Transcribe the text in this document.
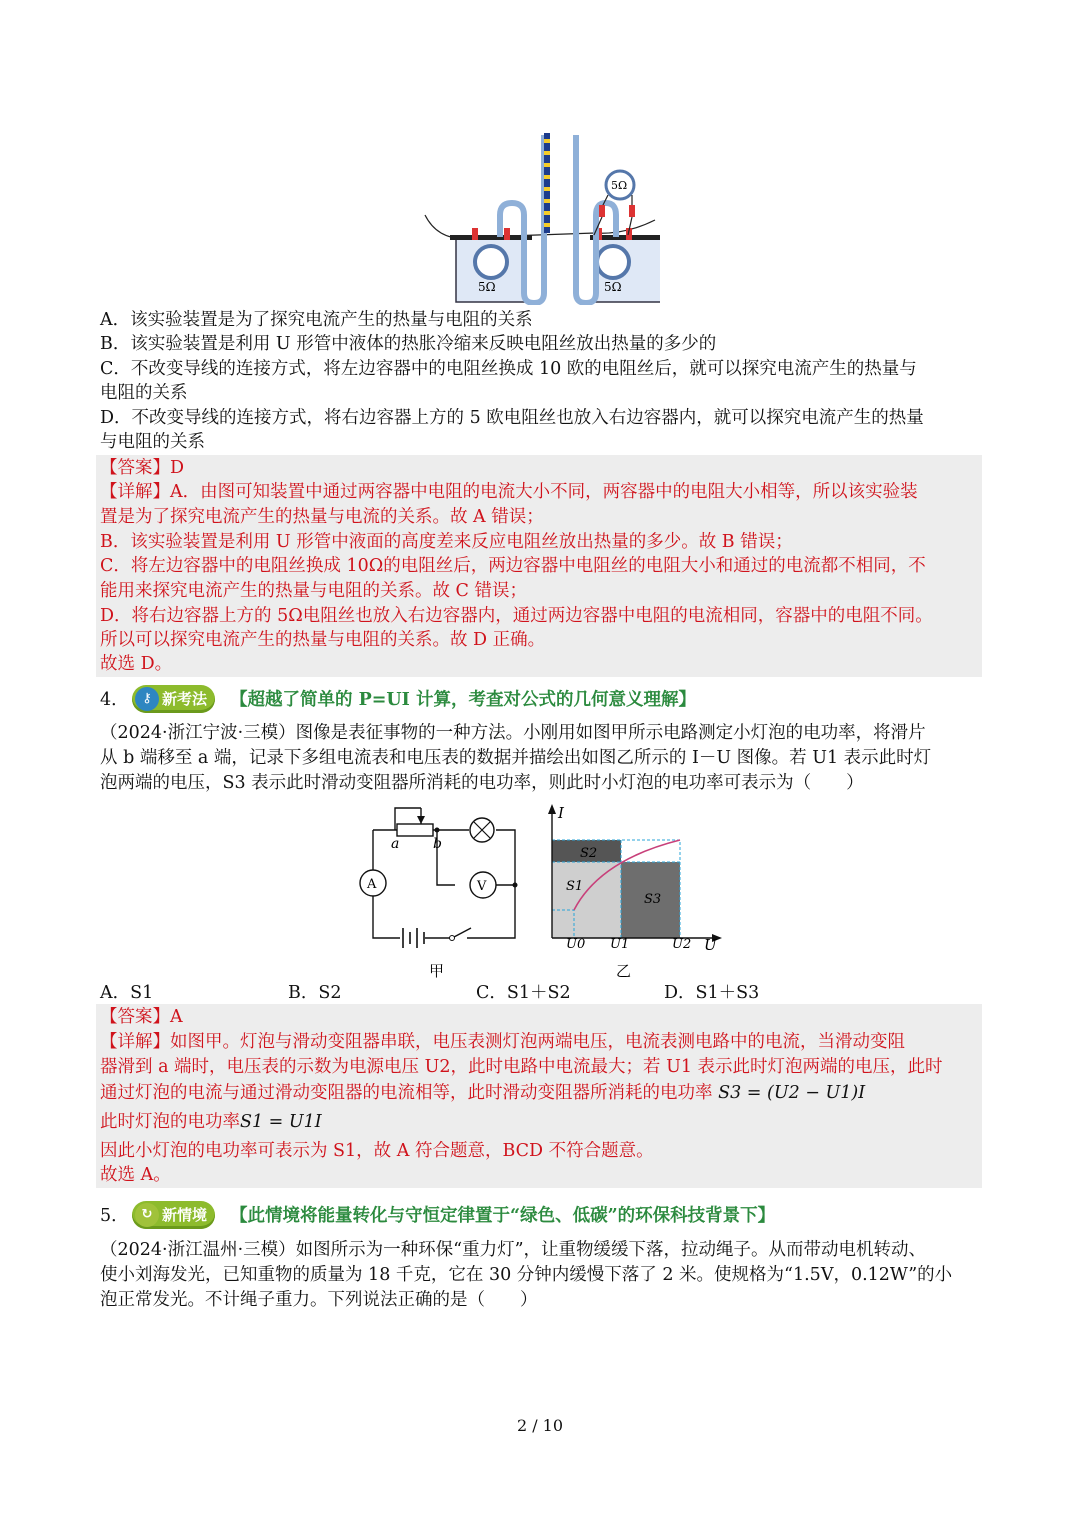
5Ω	5Ω
5Ω
A．该实验装置是为了探究电流产生的热量与电阻的关系
B．该实验装置是利用 U 形管中液体的热胀冷缩来反映电阻丝放出热量的多少的
C．不改变导线的连接方式，将左边容器中的电阻丝换成 10 欧的电阻丝后，就可以探究电流产生的热量与
电阻的关系
D．不改变导线的连接方式，将右边容器上方的 5 欧电阻丝也放入右边容器内，就可以探究电流产生的热量
与电阻的关系
【答案】D
【详解】A．由图可知装置中通过两容器中电阻的电流大小不同，两容器中的电阻大小相等，所以该实验装
置是为了探究电流产生的热量与电流的关系。故 A 错误；
B．该实验装置是利用 U 形管中液面的高度差来反应电阻丝放出热量的多少。故 B 错误；
C．将左边容器中的电阻丝换成 10Ω的电阻丝后，两边容器中电阻丝的电阻大小和通过的电流都不相同，不
能用来探究电流产生的热量与电阻的关系。故 C 错误；
D．将右边容器上方的 5Ω电阻丝也放入右边容器内，通过两边容器中电阻的电流相同，容器中的电阻不同。
所以可以探究电流产生的热量与电阻的关系。故 D 正确。
故选 D。
4．	⚷ 新考法	【超越了简单的 P=UI 计算，考查对公式的几何意义理解】
（2024·浙江宁波·三模）图像是表征事物的一种方法。小刚用如图甲所示电路测定小灯泡的电功率，将滑片
从 b 端移至 a 端，记录下多组电流表和电压表的数据并描绘出如图乙所示的 I－U 图像。若 U1 表示此时灯
泡两端的电压，S3 表示此时滑动变阻器所消耗的电功率，则此时小灯泡的电功率可表示为（　　）
V
A
a b
甲
I
U
S2
S1
S3
U0 U1	U2
乙
A．S1	B．S2	C．S1＋S2	D．S1＋S3
【答案】A
【详解】如图甲。灯泡与滑动变阻器串联，电压表测灯泡两端电压，电流表测电路中的电流，当滑动变阻
器滑到 a 端时，电压表的示数为电源电压 U2，此时电路中电流最大；若 U1 表示此时灯泡两端的电压，此时
通过灯泡的电流与通过滑动变阻器的电流相等，此时滑动变阻器所消耗的电功率 S3 = (U2 − U1)I
此时灯泡的电功率S1 = U1I
因此小灯泡的电功率可表示为 S1，故 A 符合题意，BCD 不符合题意。
故选 A。
5． ↻ 新情境	【此情境将能量转化与守恒定律置于“绿色、低碳”的环保科技背景下】
（2024·浙江温州·三模）如图所示为一种环保“重力灯”，让重物缓缓下落，拉动绳子。从而带动电机转动、
使小刘海发光，已知重物的质量为 18 千克，它在 30 分钟内缓慢下落了 2 米。使规格为“1.5V，0.12W”的小
泡正常发光。不计绳子重力。下列说法正确的是（　　）
2 / 10
